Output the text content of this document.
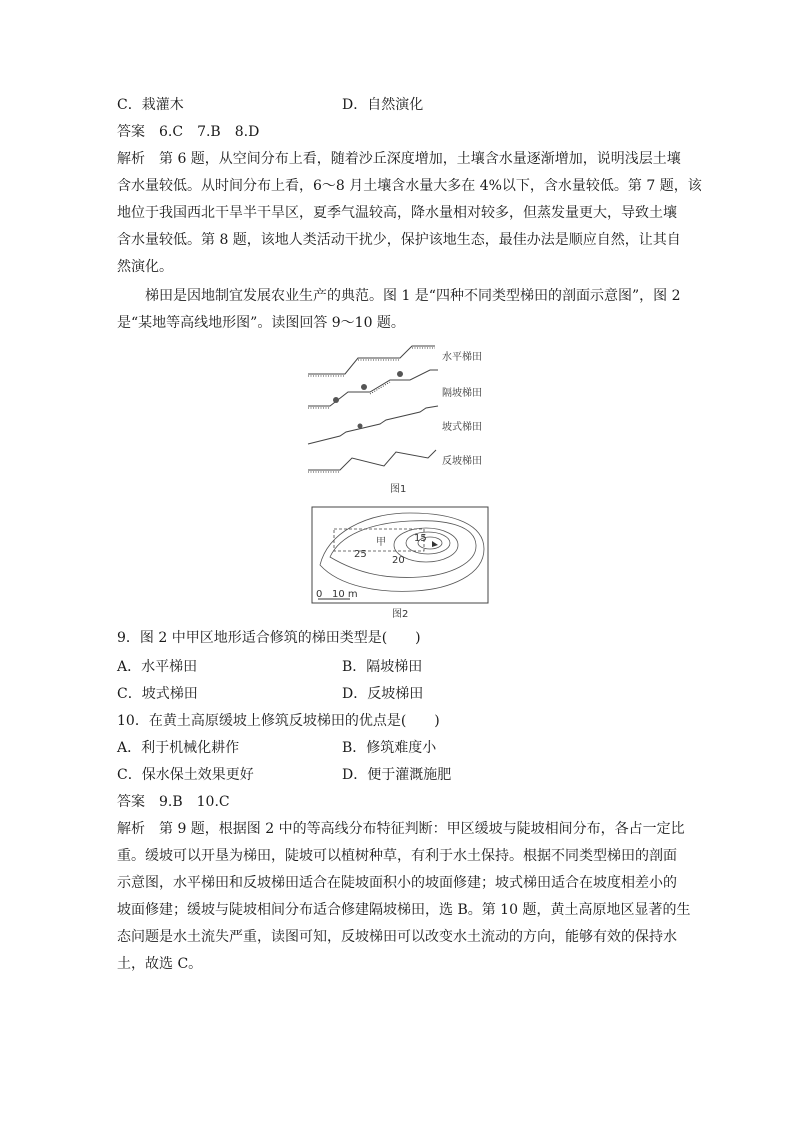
C．栽灌木	D．自然演化
答案　6.C　7.B　8.D
解析　第 6 题，从空间分布上看，随着沙丘深度增加，土壤含水量逐渐增加，说明浅层土壤
含水量较低。从时间分布上看，6～8 月土壤含水量大多在 4%以下，含水量较低。第 7 题，该
地位于我国西北干旱半干旱区，夏季气温较高，降水量相对较多，但蒸发量更大，导致土壤
含水量较低。第 8 题，该地人类活动干扰少，保护该地生态，最佳办法是顺应自然，让其自
然演化。
梯田是因地制宜发展农业生产的典范。图 1 是“四种不同类型梯田的剖面示意图”，图 2
是“某地等高线地形图”。读图回答 9～10 题。
水平梯田
隔坡梯田
坡式梯田
反坡梯田
图1
甲
25
20
15
0 10 m
图2
9．图 2 中甲区地形适合修筑的梯田类型是(　　)
A．水平梯田	B．隔坡梯田
C．坡式梯田	D．反坡梯田
10．在黄土高原缓坡上修筑反坡梯田的优点是(　　)
A．利于机械化耕作	B．修筑难度小
C．保水保土效果更好	D．便于灌溉施肥
答案　9.B　10.C
解析　第 9 题，根据图 2 中的等高线分布特征判断：甲区缓坡与陡坡相间分布，各占一定比
重。缓坡可以开垦为梯田，陡坡可以植树种草，有利于水土保持。根据不同类型梯田的剖面
示意图，水平梯田和反坡梯田适合在陡坡面积小的坡面修建；坡式梯田适合在坡度相差小的
坡面修建；缓坡与陡坡相间分布适合修建隔坡梯田，选 B。第 10 题，黄土高原地区显著的生
态问题是水土流失严重，读图可知，反坡梯田可以改变水土流动的方向，能够有效的保持水
土，故选 C。
